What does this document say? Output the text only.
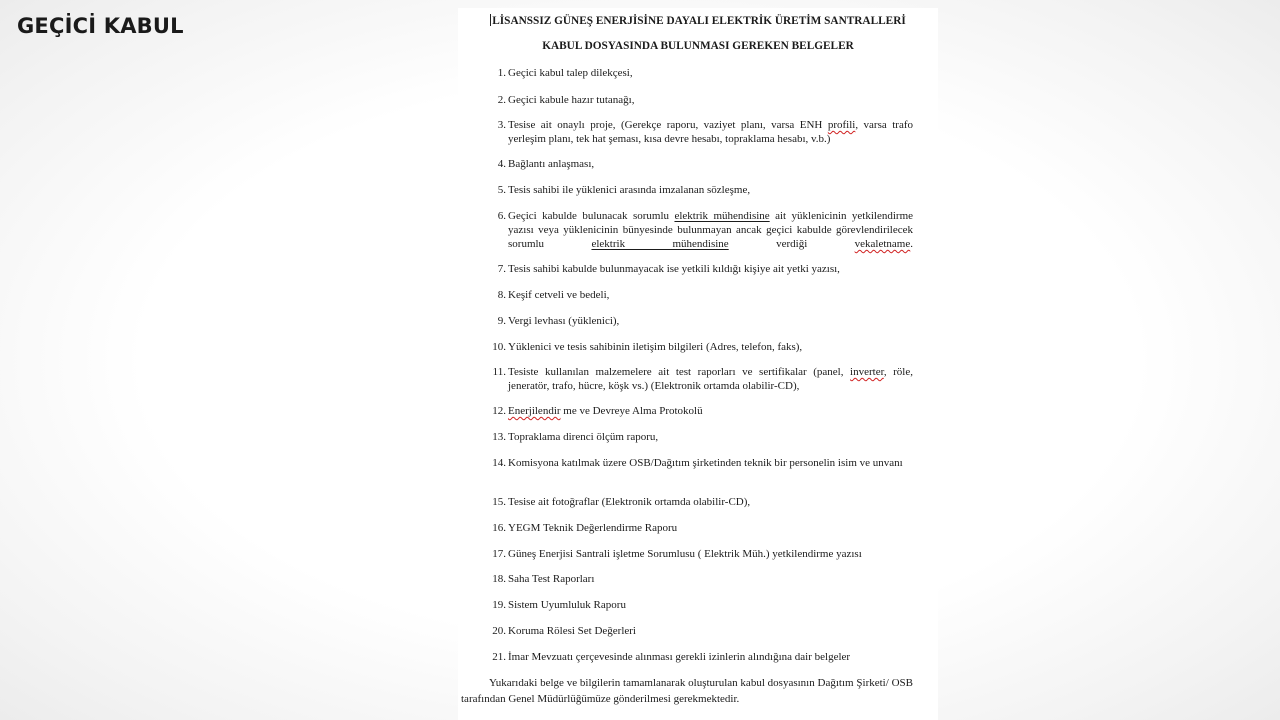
GEÇİCİ KABUL	LİSANSSIZ GÜNEŞ ENERJİSİNE DAYALI ELEKTRİK ÜRETİM SANTRALLERİ
KABUL DOSYASINDA BULUNMASI GEREKEN BELGELER
1. Geçici kabul talep dilekçesi,
2. Geçici kabule hazır tutanağı,
3. Tesise ait onaylı proje, (Gerekçe raporu, vaziyet planı, varsa ENH profili, varsa trafo yerleşim planı, tek hat şeması, kısa devre hesabı, topraklama hesabı, v.b.)
4. Bağlantı anlaşması,
5. Tesis sahibi ile yüklenici arasında imzalanan sözleşme,
6. Geçici kabulde bulunacak sorumlu elektrik mühendisine ait yüklenicinin yetkilendirme yazısı veya yüklenicinin bünyesinde bulunmayan ancak geçici kabulde görevlendirilecek sorumlu elektrik mühendisine verdiği vekaletname.
7. Tesis sahibi kabulde bulunmayacak ise yetkili kıldığı kişiye ait yetki yazısı,
8. Keşif cetveli ve bedeli,
9. Vergi levhası (yüklenici),
10. Yüklenici ve tesis sahibinin iletişim bilgileri (Adres, telefon, faks),
11. Tesiste kullanılan malzemelere ait test raporları ve sertifikalar (panel, inverter, röle, jeneratör, trafo, hücre, köşk vs.) (Elektronik ortamda olabilir-CD),
12. Enerjilendir me ve Devreye Alma Protokolü
13. Topraklama direnci ölçüm raporu,
14. Komisyona katılmak üzere OSB/Dağıtım şirketinden teknik bir personelin isim ve unvanı
15. Tesise ait fotoğraflar (Elektronik ortamda olabilir-CD),
16. YEGM Teknik Değerlendirme Raporu
17. Güneş Enerjisi Santrali işletme Sorumlusu ( Elektrik Müh.) yetkilendirme yazısı
18. Saha Test Raporları
19. Sistem Uyumluluk Raporu
20. Koruma Rölesi Set Değerleri
21. İmar Mevzuatı çerçevesinde alınması gerekli izinlerin alındığına dair belgeler
Yukarıdaki belge ve bilgilerin tamamlanarak oluşturulan kabul dosyasının Dağıtım Şirketi/ OSB tarafından Genel Müdürlüğümüze gönderilmesi gerekmektedir.
